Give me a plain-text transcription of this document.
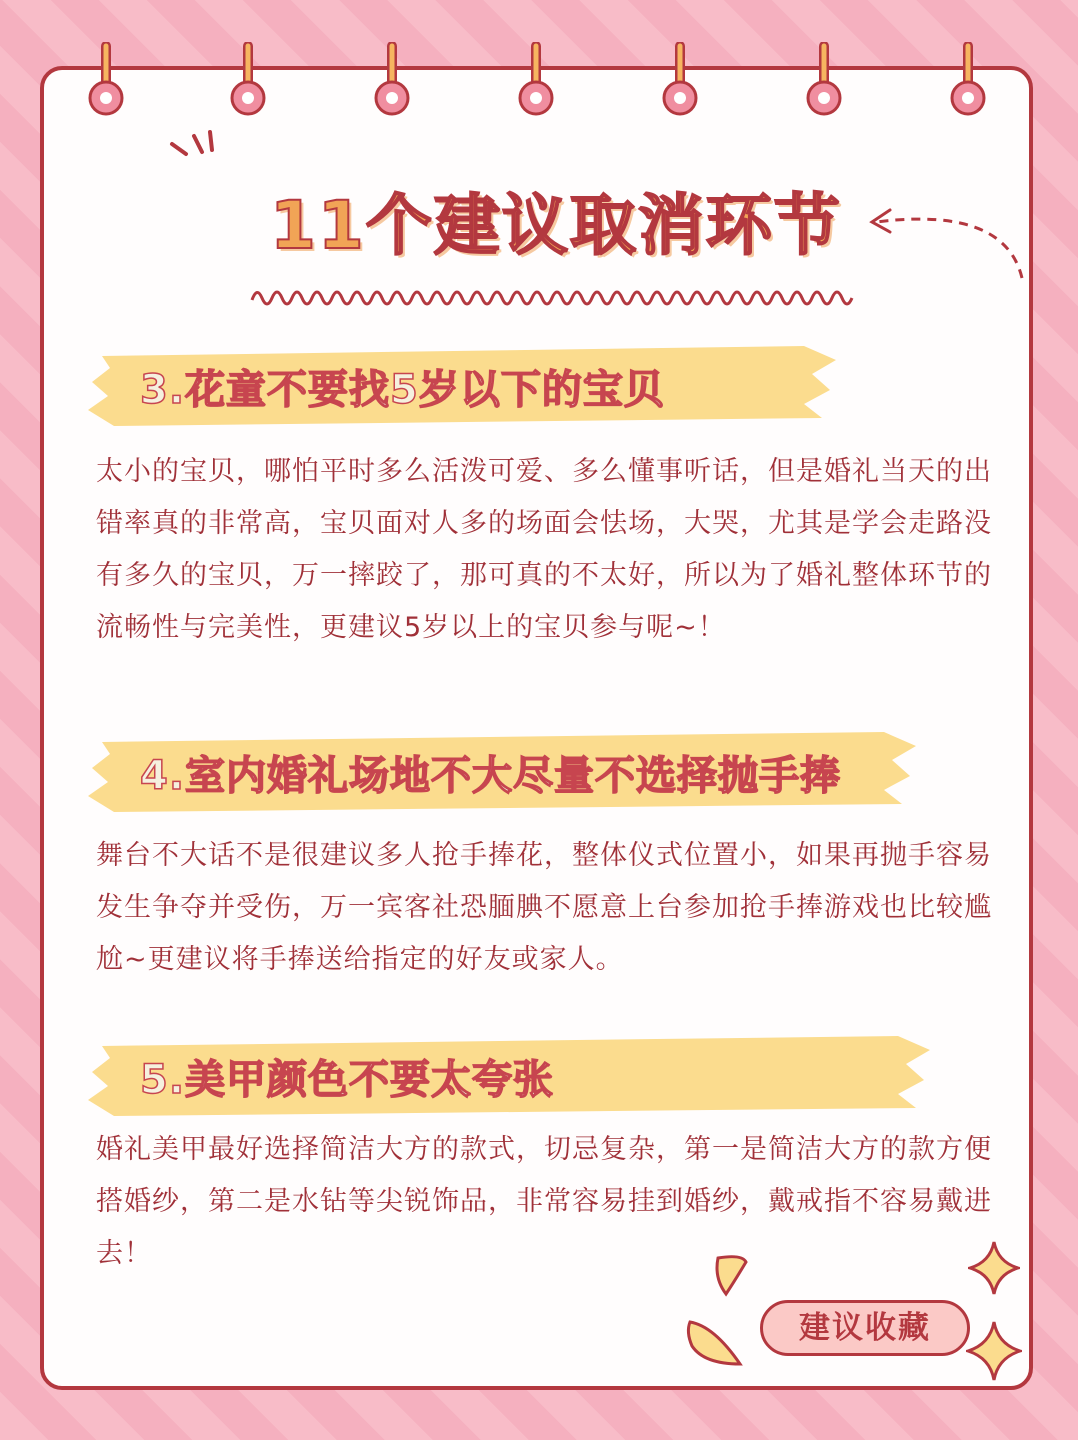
11个建议取消环节
3.花童不要找5岁以下的宝贝
太小的宝贝，哪怕平时多么活泼可爱、多么懂事听话，但是婚礼当天的出错率真的非常高，宝贝面对人多的场面会怯场，大哭，尤其是学会走路没有多久的宝贝，万一摔跤了，那可真的不太好，所以为了婚礼整体环节的流畅性与完美性，更建议5岁以上的宝贝参与呢~！
4.室内婚礼场地不大尽量不选择抛手捧
舞台不大话不是很建议多人抢手捧花，整体仪式位置小，如果再抛手容易发生争夺并受伤，万一宾客社恐腼腆不愿意上台参加抢手捧游戏也比较尴尬~更建议将手捧送给指定的好友或家人。
5.美甲颜色不要太夸张
婚礼美甲最好选择简洁大方的款式，切忌复杂，第一是简洁大方的款方便搭婚纱，第二是水钻等尖锐饰品，非常容易挂到婚纱，戴戒指不容易戴进去！
建议收藏
